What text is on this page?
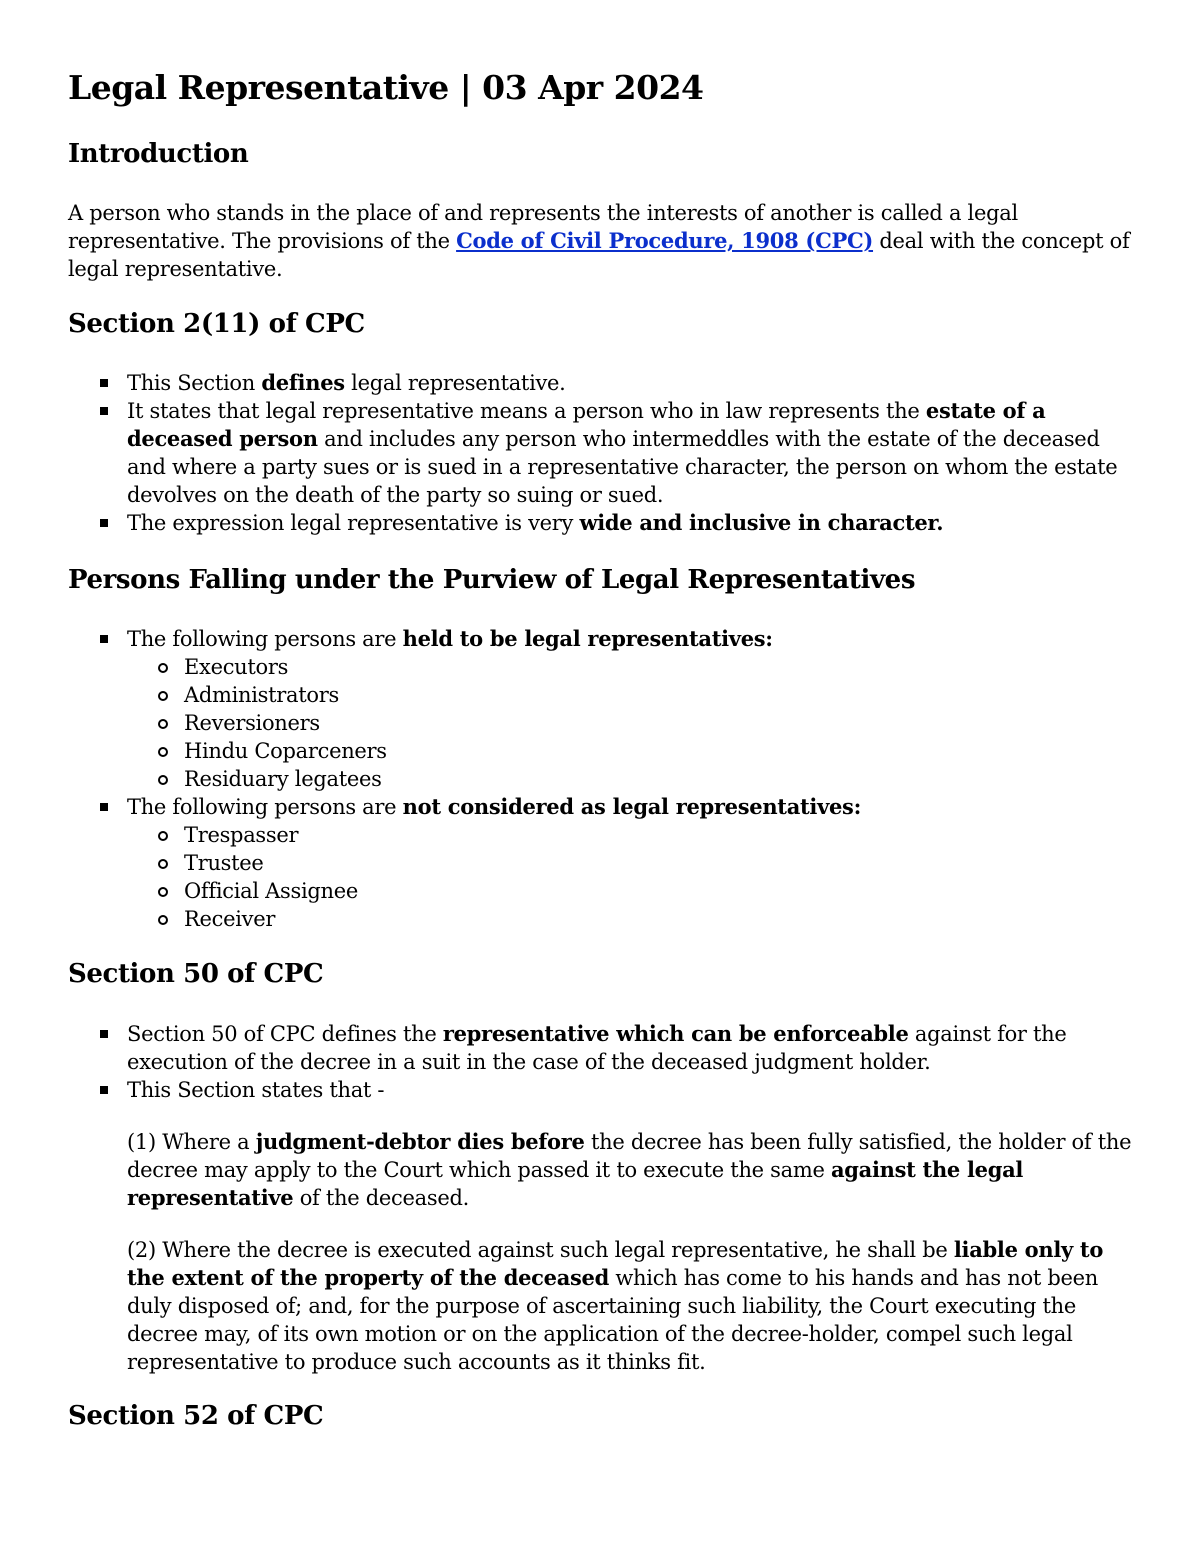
Legal Representative | 03 Apr 2024
Introduction

A person who stands in the place of and represents the interests of another is called a legal representative. The provisions of the Code of Civil Procedure, 1908 (CPC) deal with the concept of legal representative.

Section 2(11) of CPC
This Section defines legal representative.
It states that legal representative means a person who in law represents the estate of a deceased person and includes any person who intermeddles with the estate of the deceased and where a party sues or is sued in a representative character, the person on whom the estate devolves on the death of the party so suing or sued.
The expression legal representative is very wide and inclusive in character.
Persons Falling under the Purview of Legal Representatives
The following persons are held to be legal representatives:
Executors
Administrators
Reversioners
Hindu Coparceners
Residuary legatees
The following persons are not considered as legal representatives:
Trespasser
Trustee
Official Assignee
Receiver
Section 50 of CPC
Section 50 of CPC defines the representative which can be enforceable against for the execution of the decree in a suit in the case of the deceased judgment holder.
This Section states that -

(1) Where a judgment-debtor dies before the decree has been fully satisfied, the holder of the decree may apply to the Court which passed it to execute the same against the legal representative of the deceased.

(2) Where the decree is executed against such legal representative, he shall be liable only to the extent of the property of the deceased which has come to his hands and has not been duly disposed of; and, for the purpose of ascertaining such liability, the Court executing the decree may, of its own motion or on the application of the decree-holder, compel such legal representative to produce such accounts as it thinks fit.

Section 52 of CPC
